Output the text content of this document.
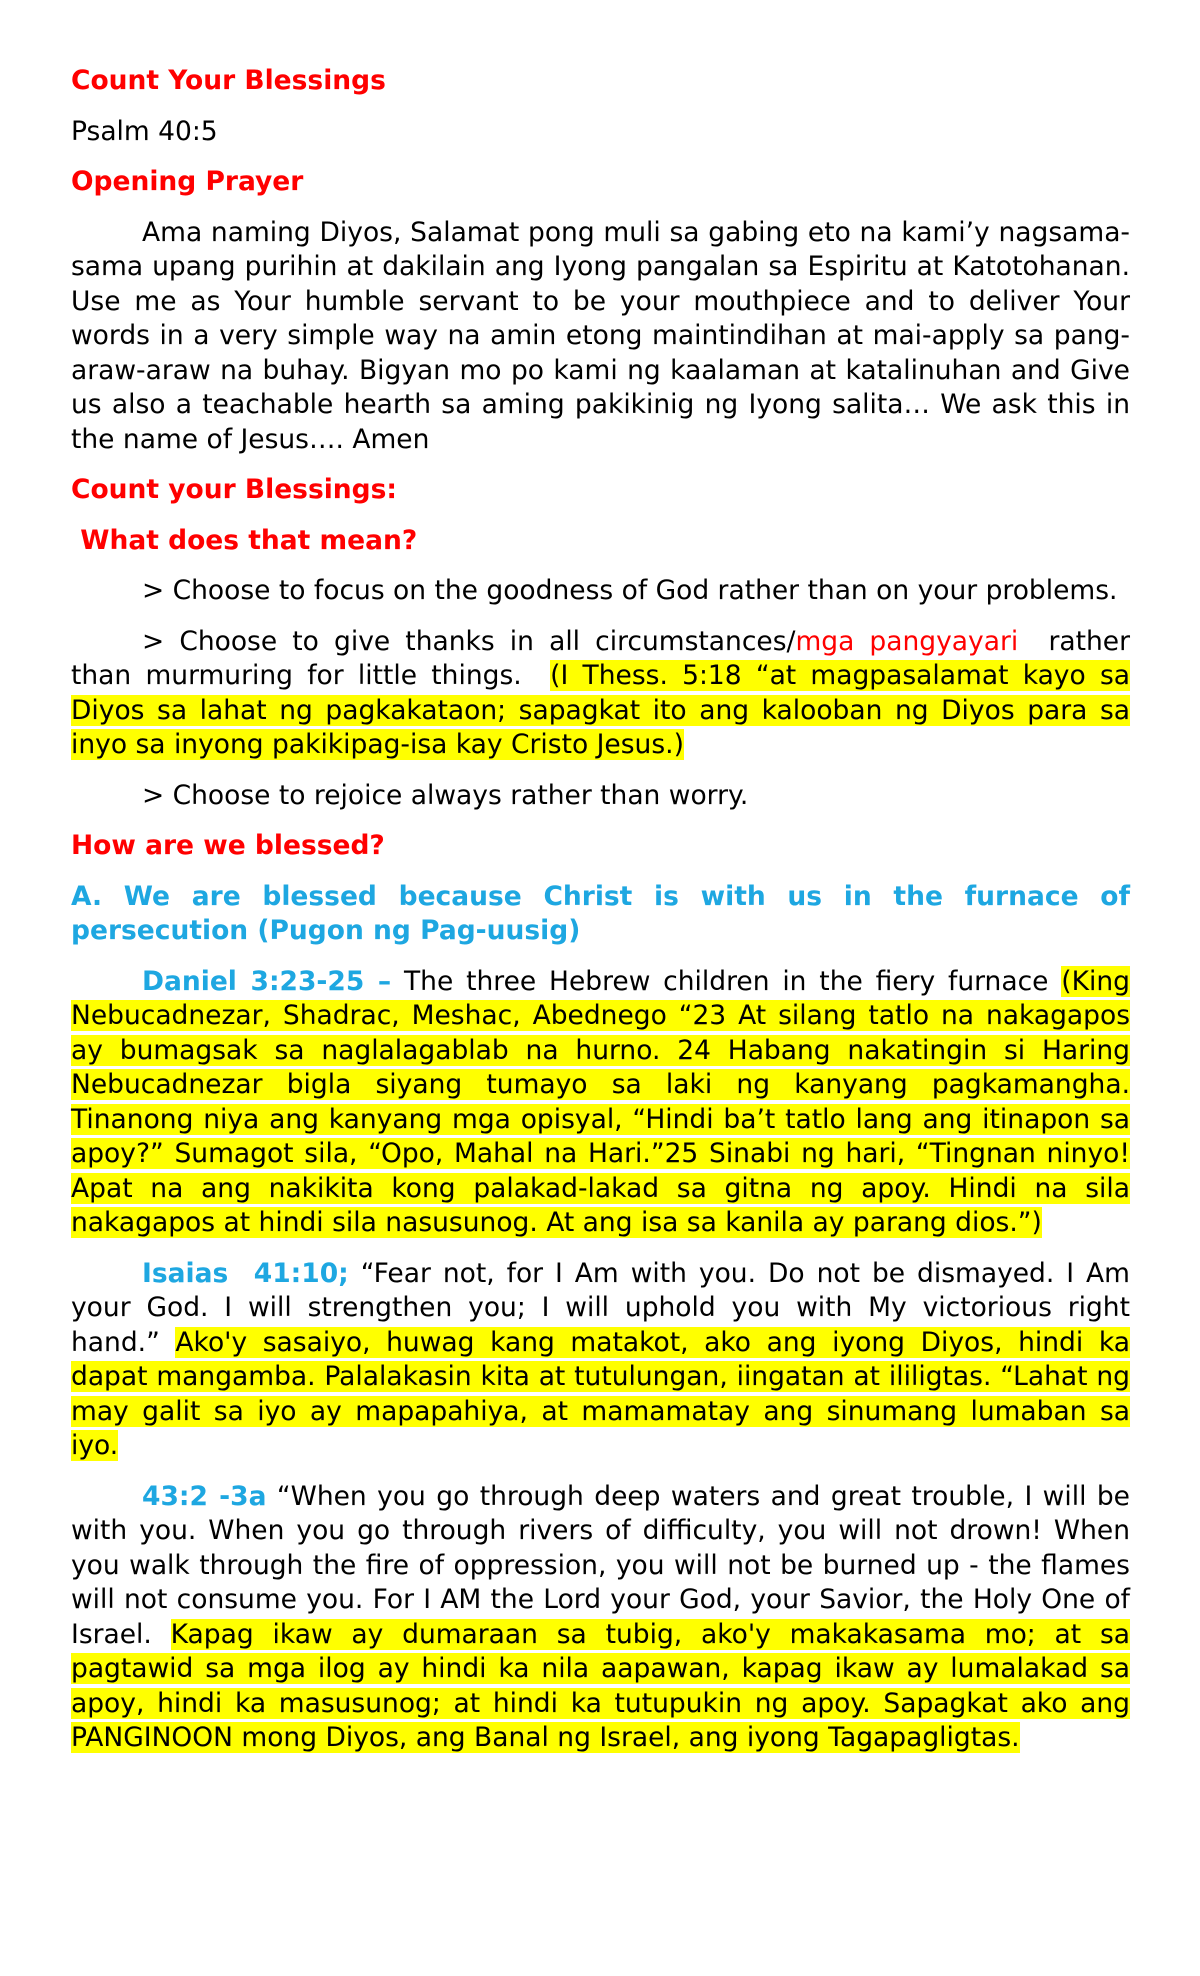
Count Your Blessings

Psalm 40:5

Opening Prayer

Ama naming Diyos, Salamat pong muli sa gabing eto na kami’y nagsama-sama upang purihin at dakilain ang Iyong pangalan sa Espiritu at Katotohanan. Use me as Your humble servant to be your mouthpiece and to deliver Your words in a very simple way na amin etong maintindihan at mai-apply sa pang- araw-araw na buhay. Bigyan mo po kami ng kaalaman at katalinuhan and Give us also a teachable hearth sa aming pakikinig ng Iyong salita… We ask this in the name of Jesus…. Amen

Count your Blessings:

What does that mean?

> Choose to focus on the goodness of God rather than on your problems.

> Choose to give thanks in all circumstances/mga pangyayari  rather than murmuring for little things.  (I Thess. 5:18 “at magpasalamat kayo sa Diyos sa lahat ng pagkakataon; sapagkat ito ang kalooban ng Diyos para sa inyo sa inyong pakikipag-isa kay Cristo Jesus.)

> Choose to rejoice always rather than worry.

How are we blessed?

A. We are blessed because Christ is with us in the furnace of persecution (Pugon ng Pag-uusig)

Daniel 3:23-25 – The three Hebrew children in the fiery furnace (King Nebucadnezar, Shadrac, Meshac, Abednego “23 At silang tatlo na nakagapos ay bumagsak sa naglalagablab na hurno. 24 Habang nakatingin si Haring Nebucadnezar bigla siyang tumayo sa laki ng kanyang pagkamangha. Tinanong niya ang kanyang mga opisyal, “Hindi ba’t tatlo lang ang itinapon sa apoy?” Sumagot sila, “Opo, Mahal na Hari.”25 Sinabi ng hari, “Tingnan ninyo! Apat na ang nakikita kong palakad-lakad sa gitna ng apoy. Hindi na sila nakagapos at hindi sila nasusunog. At ang isa sa kanila ay parang dios.”)

Isaias  41:10; “Fear not, for I Am with you. Do not be dismayed. I Am your God. I will strengthen you; I will uphold you with My victorious right hand.” Ako'y sasaiyo, huwag kang matakot, ako ang iyong Diyos, hindi ka dapat mangamba. Palalakasin kita at tutulungan, iingatan at ililigtas. “Lahat ng may galit sa iyo ay mapapahiya, at mamamatay ang sinumang lumaban sa iyo.

43:2 -3a “When you go through deep waters and great trouble, I will be with you. When you go through rivers of difficulty, you will not drown! When you walk through the fire of oppression, you will not be burned up - the flames will not consume you. For I AM the Lord your God, your Savior, the Holy One of Israel. Kapag ikaw ay dumaraan sa tubig, ako'y makakasama mo; at sa pagtawid sa mga ilog ay hindi ka nila aapawan, kapag ikaw ay lumalakad sa apoy, hindi ka masusunog; at hindi ka tutupukin ng apoy. Sapagkat ako ang PANGINOON mong Diyos, ang Banal ng Israel, ang iyong Tagapagligtas.
